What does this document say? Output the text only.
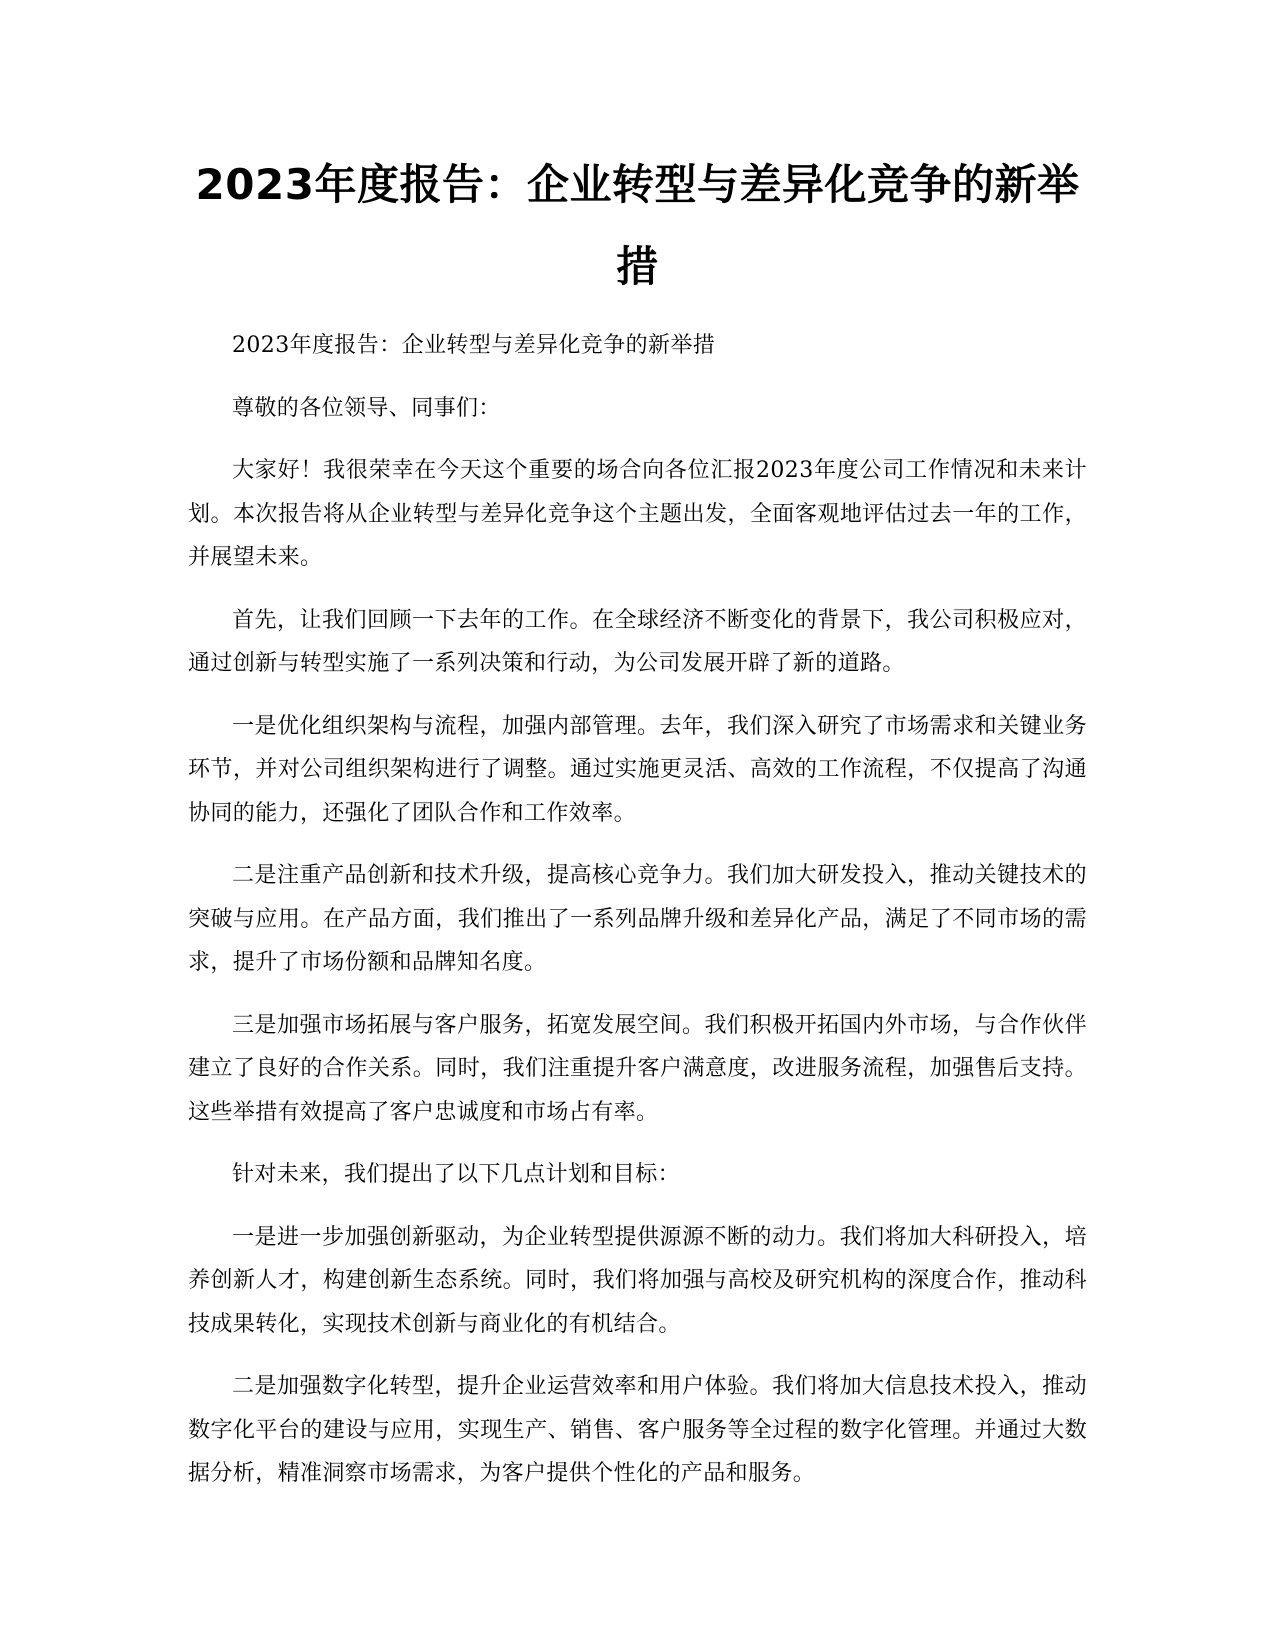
2023年度报告：企业转型与差异化竞争的新举措

2023年度报告：企业转型与差异化竞争的新举措

尊敬的各位领导、同事们：

大家好！我很荣幸在今天这个重要的场合向各位汇报2023年度公司工作情况和未来计划。本次报告将从企业转型与差异化竞争这个主题出发，全面客观地评估过去一年的工作，并展望未来。

首先，让我们回顾一下去年的工作。在全球经济不断变化的背景下，我公司积极应对，通过创新与转型实施了一系列决策和行动，为公司发展开辟了新的道路。

一是优化组织架构与流程，加强内部管理。去年，我们深入研究了市场需求和关键业务环节，并对公司组织架构进行了调整。通过实施更灵活、高效的工作流程，不仅提高了沟通协同的能力，还强化了团队合作和工作效率。

二是注重产品创新和技术升级，提高核心竞争力。我们加大研发投入，推动关键技术的突破与应用。在产品方面，我们推出了一系列品牌升级和差异化产品，满足了不同市场的需求，提升了市场份额和品牌知名度。

三是加强市场拓展与客户服务，拓宽发展空间。我们积极开拓国内外市场，与合作伙伴建立了良好的合作关系。同时，我们注重提升客户满意度，改进服务流程，加强售后支持。这些举措有效提高了客户忠诚度和市场占有率。

针对未来，我们提出了以下几点计划和目标：

一是进一步加强创新驱动，为企业转型提供源源不断的动力。我们将加大科研投入，培养创新人才，构建创新生态系统。同时，我们将加强与高校及研究机构的深度合作，推动科技成果转化，实现技术创新与商业化的有机结合。

二是加强数字化转型，提升企业运营效率和用户体验。我们将加大信息技术投入，推动数字化平台的建设与应用，实现生产、销售、客户服务等全过程的数字化管理。并通过大数据分析，精准洞察市场需求，为客户提供个性化的产品和服务。
